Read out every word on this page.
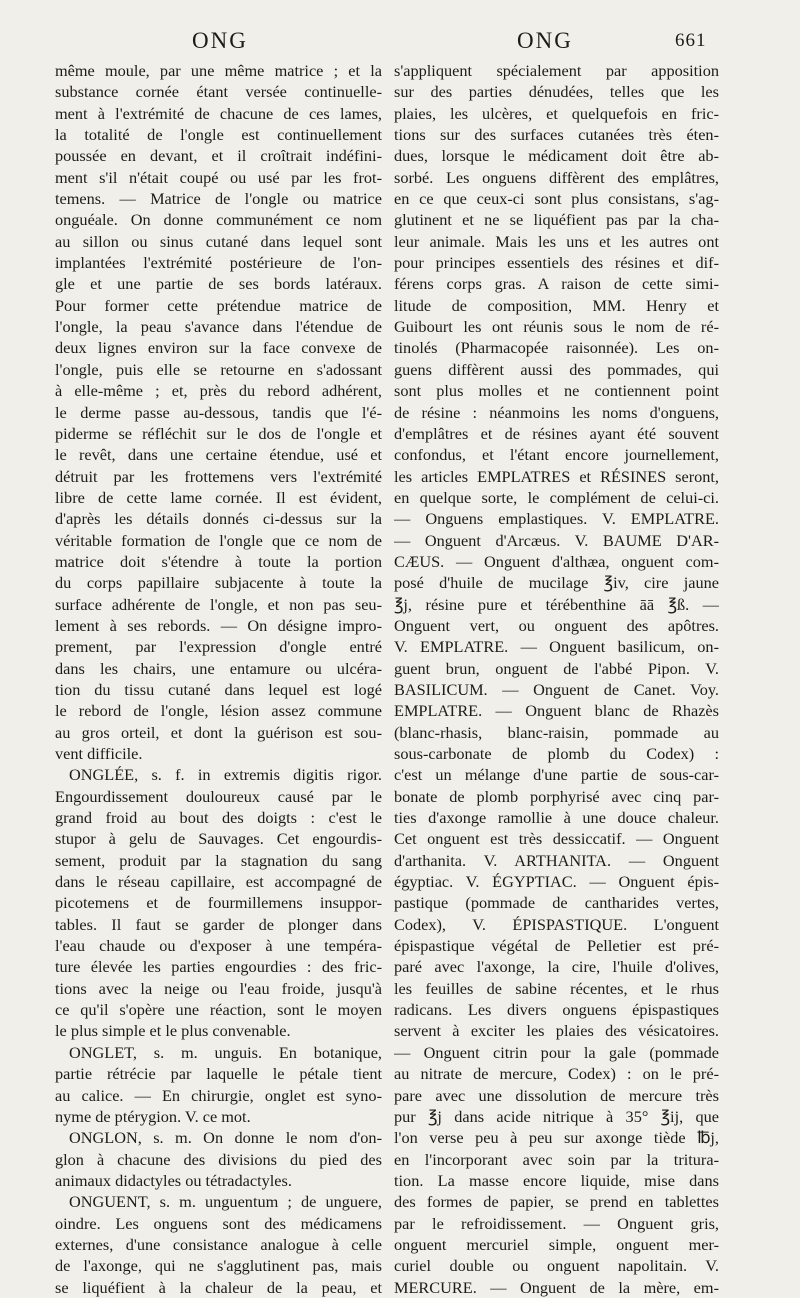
ONG	ONG	661
même moule, par une même matrice ; et la
substance cornée étant versée continuelle-
ment à l'extrémité de chacune de ces lames,
la totalité de l'ongle est continuellement
poussée en devant, et il croîtrait indéfini-
ment s'il n'était coupé ou usé par les frot-
temens. — Matrice de l'ongle ou matrice
onguéale. On donne communément ce nom
au sillon ou sinus cutané dans lequel sont
implantées l'extrémité postérieure de l'on-
gle et une partie de ses bords latéraux.
Pour former cette prétendue matrice de
l'ongle, la peau s'avance dans l'étendue de
deux lignes environ sur la face convexe de
l'ongle, puis elle se retourne en s'adossant
à elle-même ; et, près du rebord adhérent,
le derme passe au-dessous, tandis que l'é-
piderme se réfléchit sur le dos de l'ongle et
le revêt, dans une certaine étendue, usé et
détruit par les frottemens vers l'extrémité
libre de cette lame cornée. Il est évident,
d'après les détails donnés ci-dessus sur la
véritable formation de l'ongle que ce nom de
matrice doit s'étendre à toute la portion
du corps papillaire subjacente à toute la
surface adhérente de l'ongle, et non pas seu-
lement à ses rebords. — On désigne impro-
prement, par l'expression d'ongle entré
dans les chairs, une entamure ou ulcéra-
tion du tissu cutané dans lequel est logé
le rebord de l'ongle, lésion assez commune
au gros orteil, et dont la guérison est sou-
vent difficile.
ONGLÉE, s. f. in extremis digitis rigor.
Engourdissement douloureux causé par le
grand froid au bout des doigts : c'est le
stupor à gelu de Sauvages. Cet engourdis-
sement, produit par la stagnation du sang
dans le réseau capillaire, est accompagné de
picotemens et de fourmillemens insuppor-
tables. Il faut se garder de plonger dans
l'eau chaude ou d'exposer à une tempéra-
ture élevée les parties engourdies : des fric-
tions avec la neige ou l'eau froide, jusqu'à
ce qu'il s'opère une réaction, sont le moyen
le plus simple et le plus convenable.
ONGLET, s. m. unguis. En botanique,
partie rétrécie par laquelle le pétale tient
au calice. — En chirurgie, onglet est syno-
nyme de ptérygion. V. ce mot.
ONGLON, s. m. On donne le nom d'on-
glon à chacune des divisions du pied des
animaux didactyles ou tétradactyles.
ONGUENT, s. m. unguentum ; de unguere,
oindre. Les onguens sont des médicamens
externes, d'une consistance analogue à celle
de l'axonge, qui ne s'agglutinent pas, mais
se liquéfient à la chaleur de la peau, et
s'appliquent spécialement par apposition
sur des parties dénudées, telles que les
plaies, les ulcères, et quelquefois en fric-
tions sur des surfaces cutanées très éten-
dues, lorsque le médicament doit être ab-
sorbé. Les onguens diffèrent des emplâtres,
en ce que ceux-ci sont plus consistans, s'ag-
glutinent et ne se liquéfient pas par la cha-
leur animale. Mais les uns et les autres ont
pour principes essentiels des résines et dif-
férens corps gras. A raison de cette simi-
litude de composition, MM. Henry et
Guibourt les ont réunis sous le nom de ré-
tinolés (Pharmacopée raisonnée). Les on-
guens diffèrent aussi des pommades, qui
sont plus molles et ne contiennent point
de résine : néanmoins les noms d'onguens,
d'emplâtres et de résines ayant été souvent
confondus, et l'étant encore journellement,
les articles EMPLATRES et RÉSINES seront,
en quelque sorte, le complément de celui-ci.
— Onguens emplastiques. V. EMPLATRE.
— Onguent d'Arcæus. V. BAUME D'AR-
CÆUS. — Onguent d'althæa, onguent com-
posé d'huile de mucilage ℥iv, cire jaune
℥j, résine pure et térébenthine āā ℥ß. —
Onguent vert, ou onguent des apôtres.
V. EMPLATRE. — Onguent basilicum, on-
guent brun, onguent de l'abbé Pipon. V.
BASILICUM. — Onguent de Canet. Voy.
EMPLATRE. — Onguent blanc de Rhazès
(blanc-rhasis, blanc-raisin, pommade au
sous-carbonate de plomb du Codex) :
c'est un mélange d'une partie de sous-car-
bonate de plomb porphyrisé avec cinq par-
ties d'axonge ramollie à une douce chaleur.
Cet onguent est très dessiccatif. — Onguent
d'arthanita. V. ARTHANITA. — Onguent
égyptiac. V. ÉGYPTIAC. — Onguent épis-
pastique (pommade de cantharides vertes,
Codex), V. ÉPISPASTIQUE. L'onguent
épispastique végétal de Pelletier est pré-
paré avec l'axonge, la cire, l'huile d'olives,
les feuilles de sabine récentes, et le rhus
radicans. Les divers onguens épispastiques
servent à exciter les plaies des vésicatoires.
— Onguent citrin pour la gale (pommade
au nitrate de mercure, Codex) : on le pré-
pare avec une dissolution de mercure très
pur ℥j dans acide nitrique à 35° ℥ij, que
l'on verse peu à peu sur axonge tiède ℔j,
en l'incorporant avec soin par la tritura-
tion. La masse encore liquide, mise dans
des formes de papier, se prend en tablettes
par le refroidissement. — Onguent gris,
onguent mercuriel simple, onguent mer-
curiel double ou onguent napolitain. V.
MERCURE. — Onguent de la mère, em-
